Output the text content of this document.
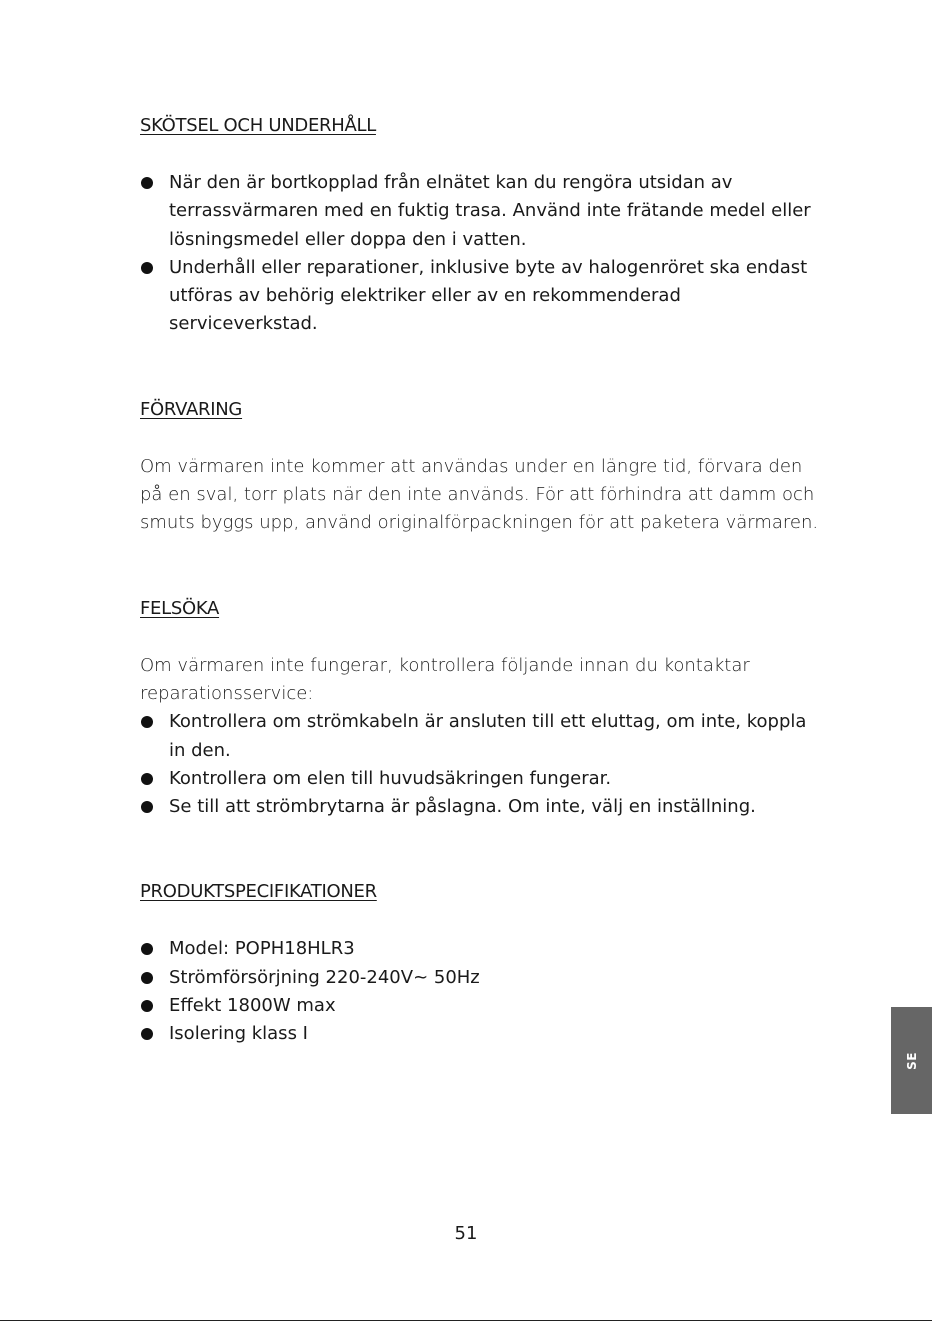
SKÖTSEL OCH UNDERHÅLL
När den är bortkopplad från elnätet kan du rengöra utsidan av terrassvärmaren med en fuktig trasa. Använd inte frätande medel eller lösningsmedel eller doppa den i vatten.
Underhåll eller reparationer, inklusive byte av halogenröret ska endast utföras av behörig elektriker eller av en rekommenderad serviceverkstad.
FÖRVARING

Om värmaren inte kommer att användas under en längre tid, förvara den på en sval, torr plats när den inte används. För att förhindra att damm och smuts byggs upp, använd originalförpackningen för att paketera värmaren.

FELSÖKA

Om värmaren inte fungerar, kontrollera följande innan du kontaktar reparationsservice:

Kontrollera om strömkabeln är ansluten till ett eluttag, om inte, koppla in den.
Kontrollera om elen till huvudsäkringen fungerar.
Se till att strömbrytarna är påslagna. Om inte, välj en inställning.
PRODUKTSPECIFIKATIONER
Model: POPH18HLR3
Strömförsörjning 220-240V~ 50Hz
Effekt 1800W max
Isolering klass I
SE
51
